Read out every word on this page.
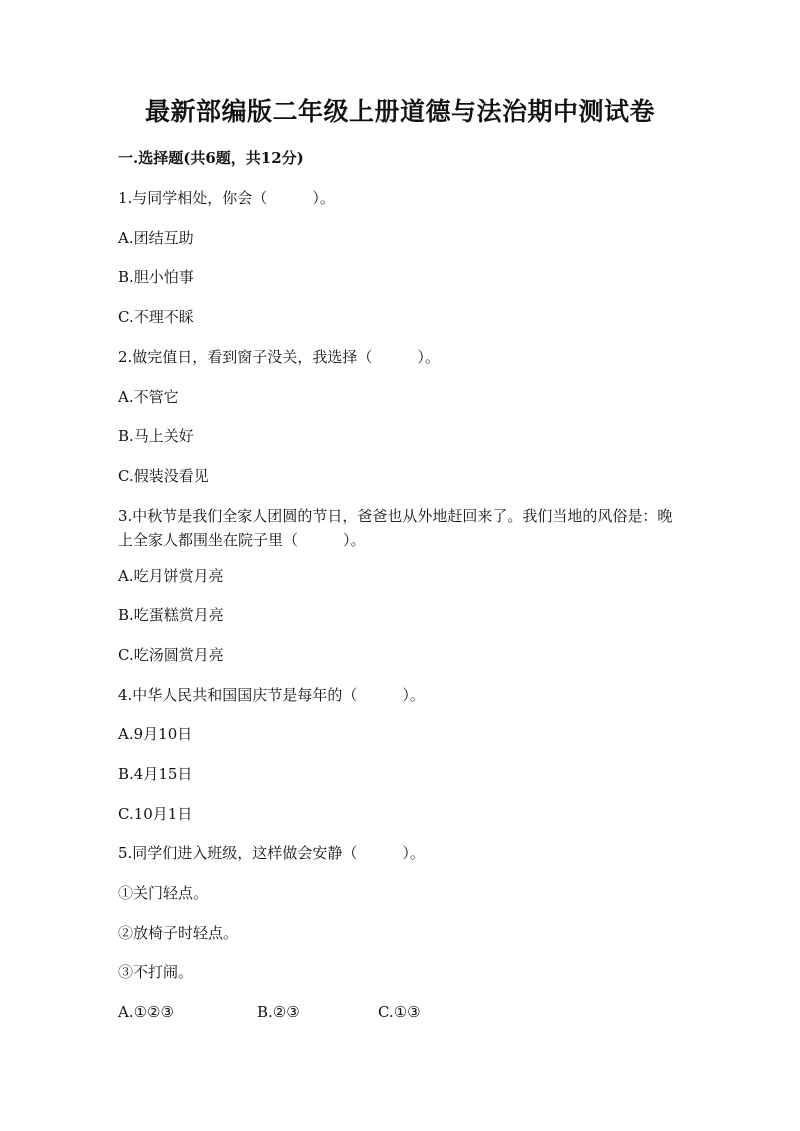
最新部编版二年级上册道德与法治期中测试卷
一.选择题(共6题，共12分)
1.与同学相处，你会（　　　）。
A.团结互助
B.胆小怕事
C.不理不睬
2.做完值日，看到窗子没关，我选择（　　　）。
A.不管它
B.马上关好
C.假装没看见
3.中秋节是我们全家人团圆的节日，爸爸也从外地赶回来了。我们当地的风俗是：晚上全家人都围坐在院子里（　　　）。
A.吃月饼赏月亮
B.吃蛋糕赏月亮
C.吃汤圆赏月亮
4.中华人民共和国国庆节是每年的（　　　）。
A.9月10日
B.4月15日
C.10月1日
5.同学们进入班级，这样做会安静（　　　）。
①关门轻点。
②放椅子时轻点。
③不打闹。
A.①②③	B.②③	C.①③
